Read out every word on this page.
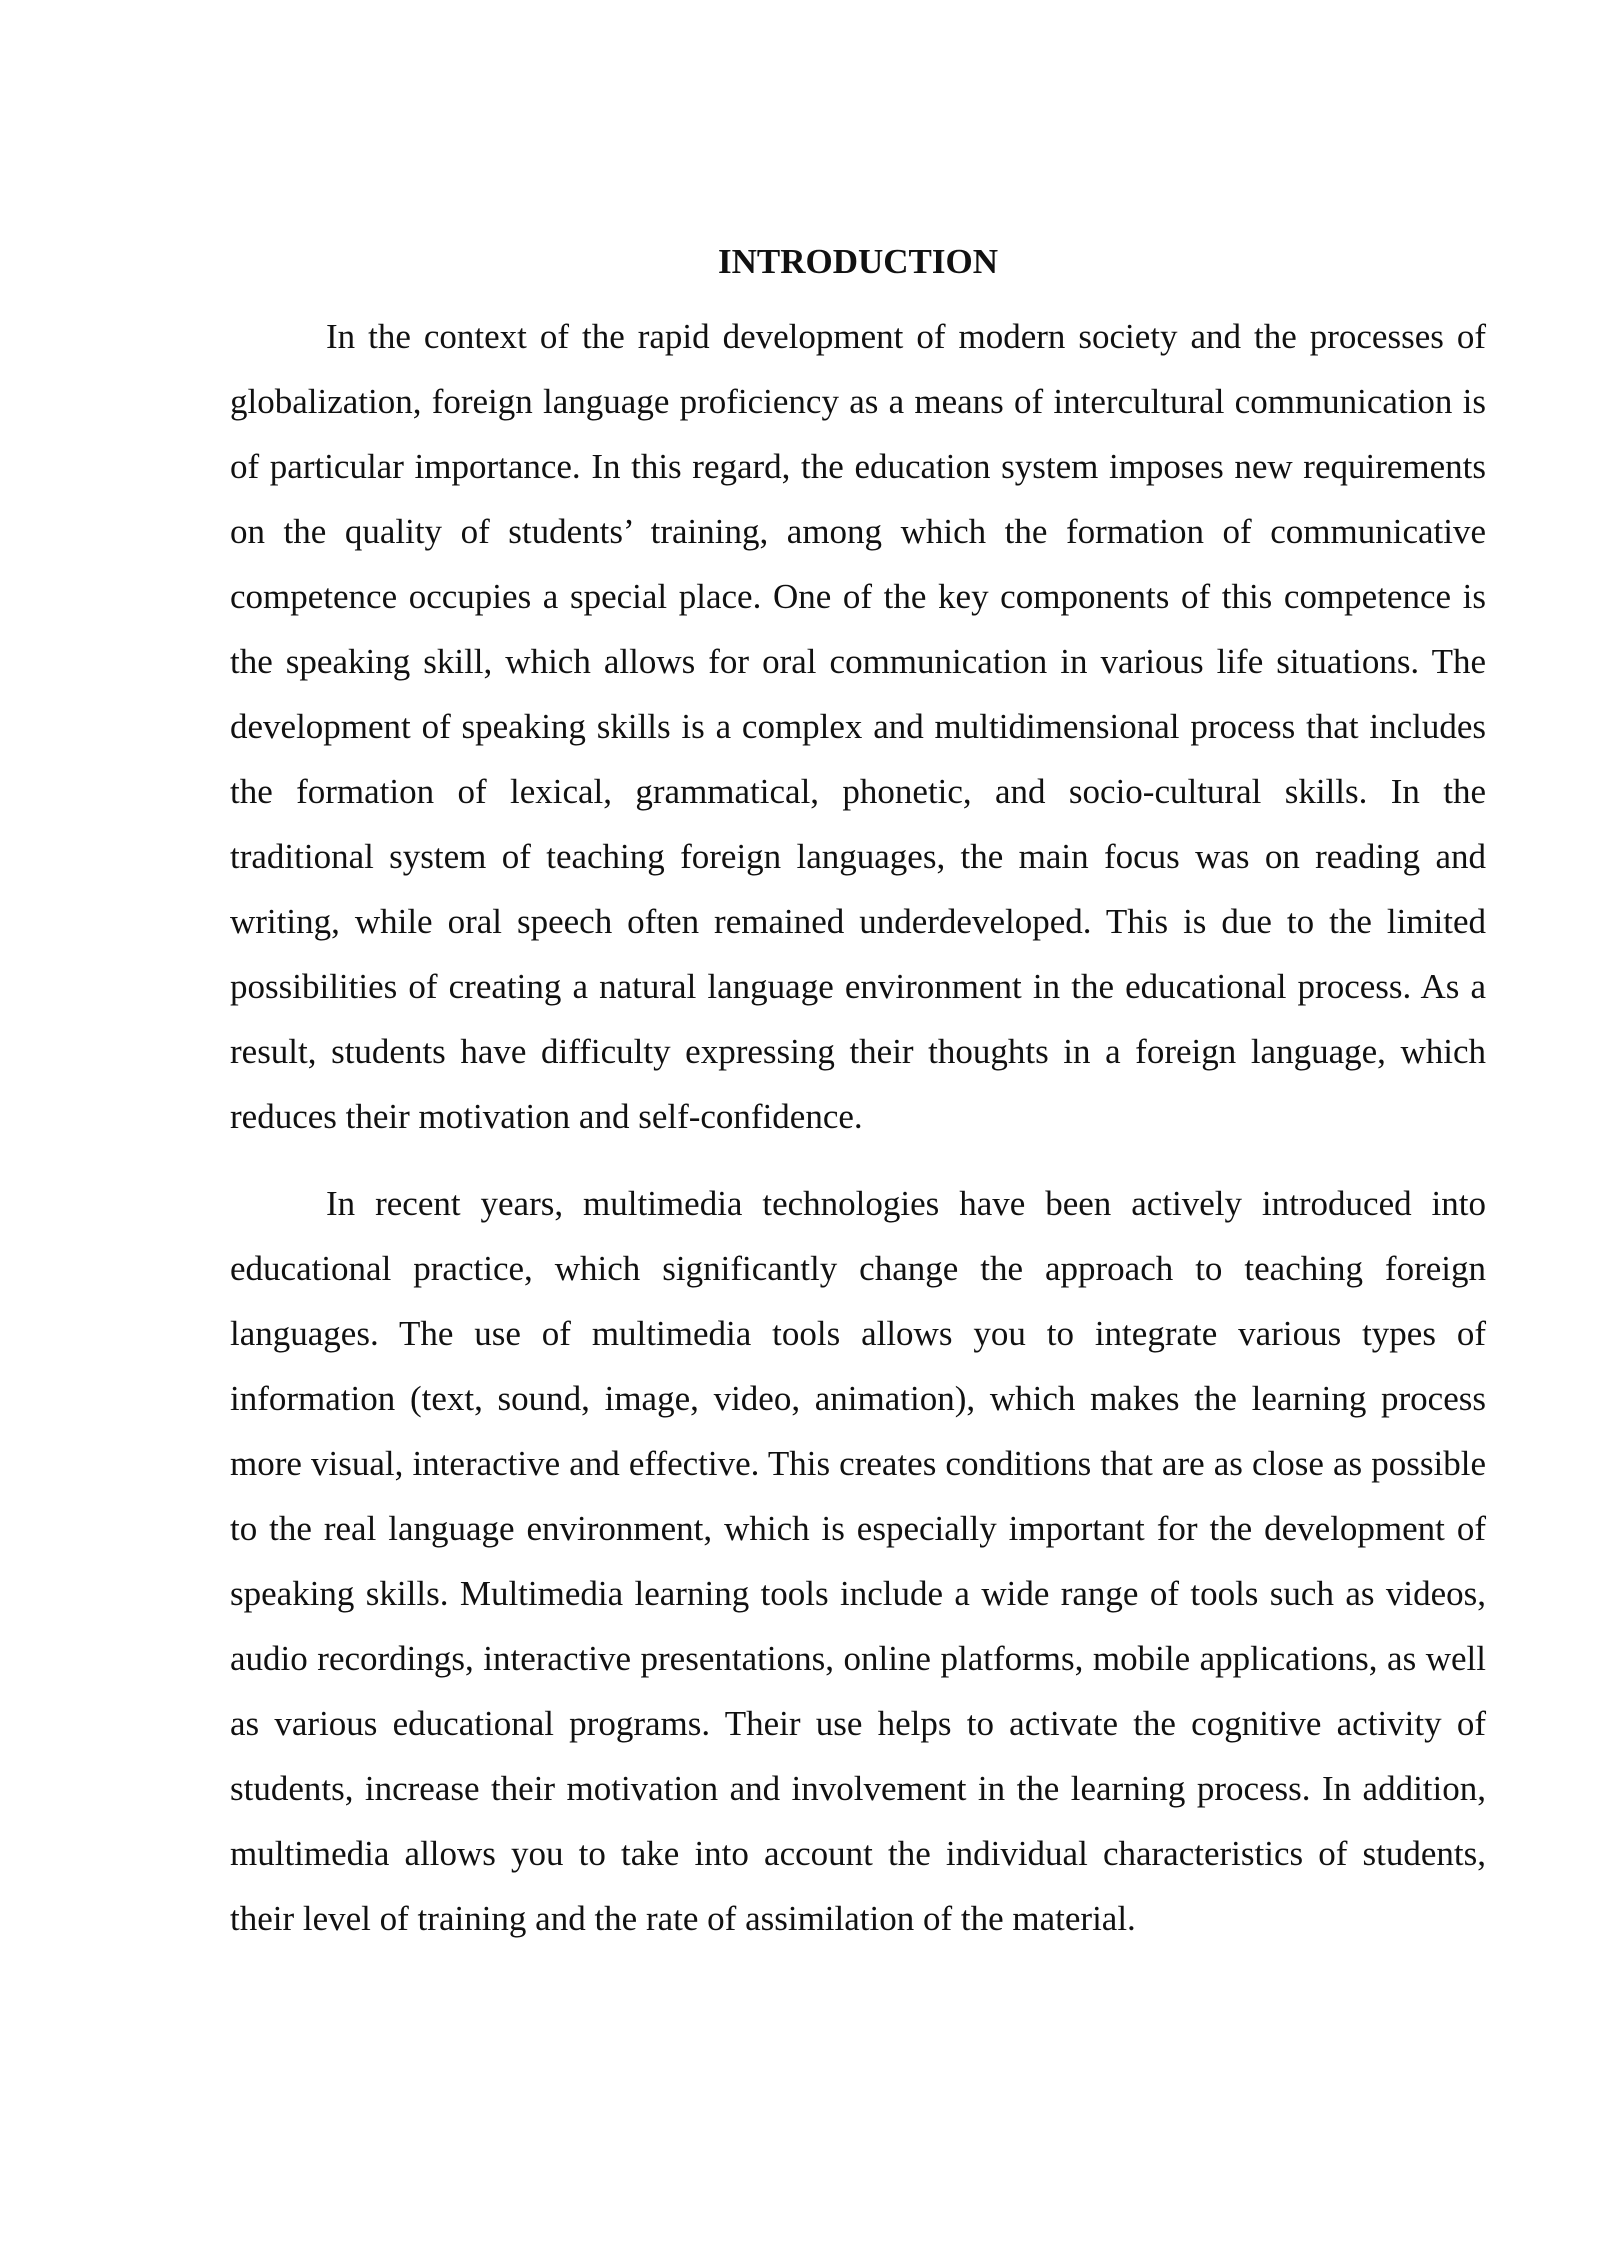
INTRODUCTION

In the context of the rapid development of modern society and the processes of globalization, foreign language proficiency as a means of intercultural communication is of particular importance. In this regard, the education system imposes new requirements on the quality of students’ training, among which the formation of communicative competence occupies a special place. One of the key components of this competence is the speaking skill, which allows for oral communication in various life situations. The development of speaking skills is a complex and multidimensional process that includes the formation of lexical, grammatical, phonetic, and socio-cultural skills. In the traditional system of teaching foreign languages, the main focus was on reading and writing, while oral speech often remained underdeveloped. This is due to the limited possibilities of creating a natural language environment in the educational process. As a result, students have difficulty expressing their thoughts in a foreign language, which reduces their motivation and self-confidence.

In recent years, multimedia technologies have been actively introduced into educational practice, which significantly change the approach to teaching foreign languages. The use of multimedia tools allows you to integrate various types of information (text, sound, image, video, animation), which makes the learning process more visual, interactive and effective. This creates conditions that are as close as possible to the real language environment, which is especially important for the development of speaking skills. Multimedia learning tools include a wide range of tools such as videos, audio recordings, interactive presentations, online platforms, mobile applications, as well as various educational programs. Their use helps to activate the cognitive activity of students, increase their motivation and involvement in the learning process. In addition, multimedia allows you to take into account the individual characteristics of students, their level of training and the rate of assimilation of the material.
